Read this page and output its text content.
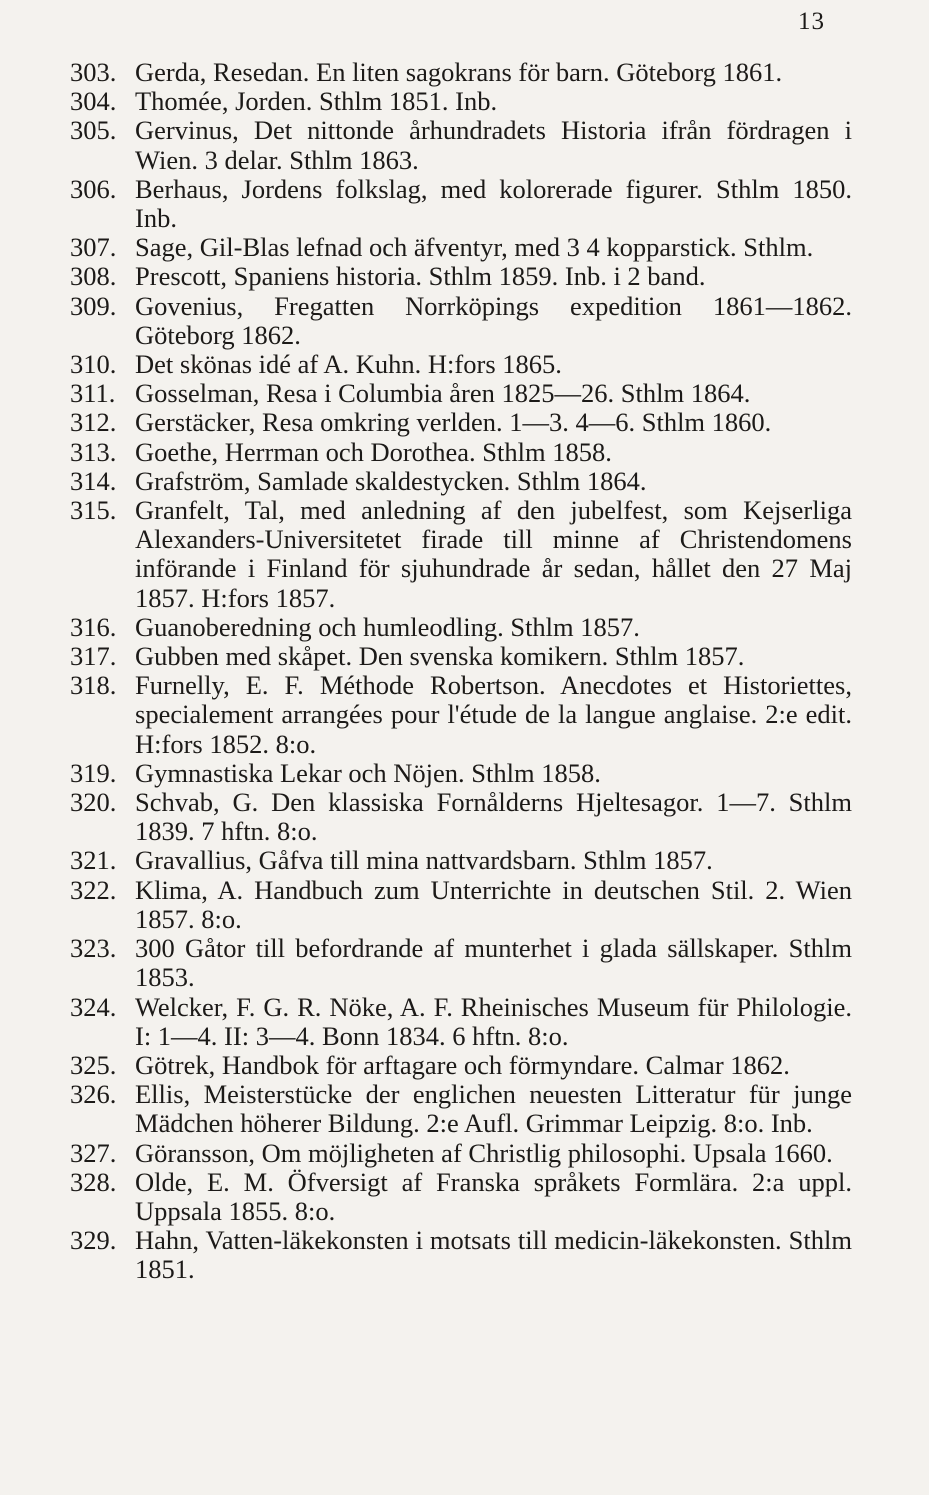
13
303. Gerda, Resedan. En liten sagokrans för barn. Göteborg 1861.
304. Thomée, Jorden. Sthlm 1851. Inb.
305. Gervinus, Det nittonde århundradets Historia ifrån fördragen i Wien. 3 delar. Sthlm 1863.
306. Berhaus, Jordens folkslag, med kolorerade figurer. Sthlm 1850. Inb.
307. Sage, Gil-Blas lefnad och äfventyr, med 3 4 kopparstick. Sthlm.
308. Prescott, Spaniens historia. Sthlm 1859. Inb. i 2 band.
309. Govenius, Fregatten Norrköpings expedition 1861—1862. Göteborg 1862.
310. Det skönas idé af A. Kuhn. H:fors 1865.
311. Gosselman, Resa i Columbia åren 1825—26. Sthlm 1864.
312. Gerstäcker, Resa omkring verlden. 1—3. 4—6. Sthlm 1860.
313. Goethe, Herrman och Dorothea. Sthlm 1858.
314. Grafström, Samlade skaldestycken. Sthlm 1864.
315. Granfelt, Tal, med anledning af den jubelfest, som Kejserliga Alexanders-Universitetet firade till minne af Christendomens införande i Finland för sjuhundrade år sedan, hållet den 27 Maj 1857. H:fors 1857.
316. Guanoberedning och humleodling. Sthlm 1857.
317. Gubben med skåpet. Den svenska komikern. Sthlm 1857.
318. Furnelly, E. F. Méthode Robertson. Anecdotes et Historiettes, specialement arrangées pour l'étude de la langue anglaise. 2:e edit. H:fors 1852. 8:o.
319. Gymnastiska Lekar och Nöjen. Sthlm 1858.
320. Schvab, G. Den klassiska Fornålderns Hjeltesagor. 1—7. Sthlm 1839. 7 hftn. 8:o.
321. Gravallius, Gåfva till mina nattvardsbarn. Sthlm 1857.
322. Klima, A. Handbuch zum Unterrichte in deutschen Stil. 2. Wien 1857. 8:o.
323. 300 Gåtor till befordrande af munterhet i glada sällskaper. Sthlm 1853.
324. Welcker, F. G. R. Nöke, A. F. Rheinisches Museum für Philologie. I: 1—4. II: 3—4. Bonn 1834. 6 hftn. 8:o.
325. Götrek, Handbok för arftagare och förmyndare. Calmar 1862.
326. Ellis, Meisterstücke der englichen neuesten Litteratur für junge Mädchen höherer Bildung. 2:e Aufl. Grimmar Leipzig. 8:o. Inb.
327. Göransson, Om möjligheten af Christlig philosophi. Upsala 1660.
328. Olde, E. M. Öfversigt af Franska språkets Formlära. 2:a uppl. Uppsala 1855. 8:o.
329. Hahn, Vatten-läkekonsten i motsats till medicin-läkekonsten. Sthlm 1851.
